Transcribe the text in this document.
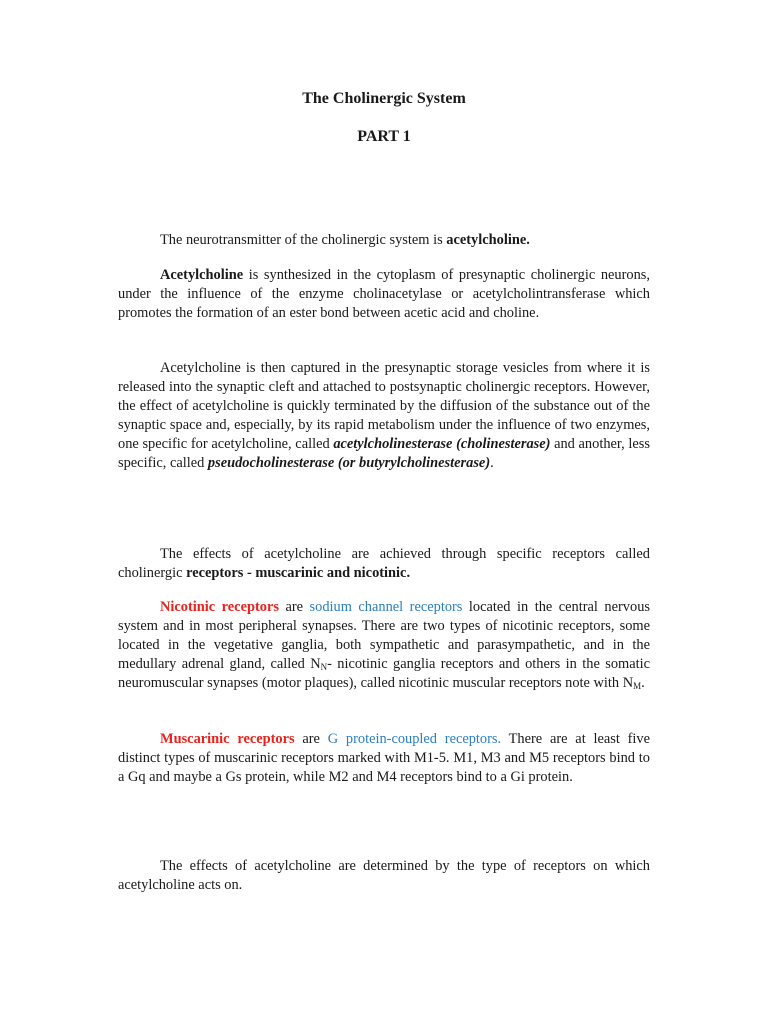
The Cholinergic System
PART 1

The neurotransmitter of the cholinergic system is acetylcholine.

Acetylcholine is synthesized in the cytoplasm of presynaptic cholinergic neurons, under the influence of the enzyme cholinacetylase or acetylcholintransferase which promotes the formation of an ester bond between acetic acid and choline.

Acetylcholine is then captured in the presynaptic storage vesicles from where it is released into the synaptic cleft and attached to postsynaptic cholinergic receptors. However, the effect of acetylcholine is quickly terminated by the diffusion of the substance out of the synaptic space and, especially, by its rapid metabolism under the influence of two enzymes, one specific for acetylcholine, called acetylcholinesterase (cholinesterase) and another, less specific, called pseudocholinesterase (or butyrylcholinesterase).

The effects of acetylcholine are achieved through specific receptors called cholinergic receptors - muscarinic and nicotinic.

Nicotinic receptors are sodium channel receptors located in the central nervous system and in most peripheral synapses. There are two types of nicotinic receptors, some located in the vegetative ganglia, both sympathetic and parasympathetic, and in the medullary adrenal gland, called $N_N-$ nicotinic ganglia receptors and others in the somatic neuromuscular synapses (motor plaques), called nicotinic muscular receptors note with $N_M$.

Muscarinic receptors are G protein-coupled receptors. There are at least five distinct types of muscarinic receptors marked with M1-5. M1, M3 and M5 receptors bind to a Gq and maybe a Gs protein, while M2 and M4 receptors bind to a Gi protein.

The effects of acetylcholine are determined by the type of receptors on which acetylcholine acts on.
